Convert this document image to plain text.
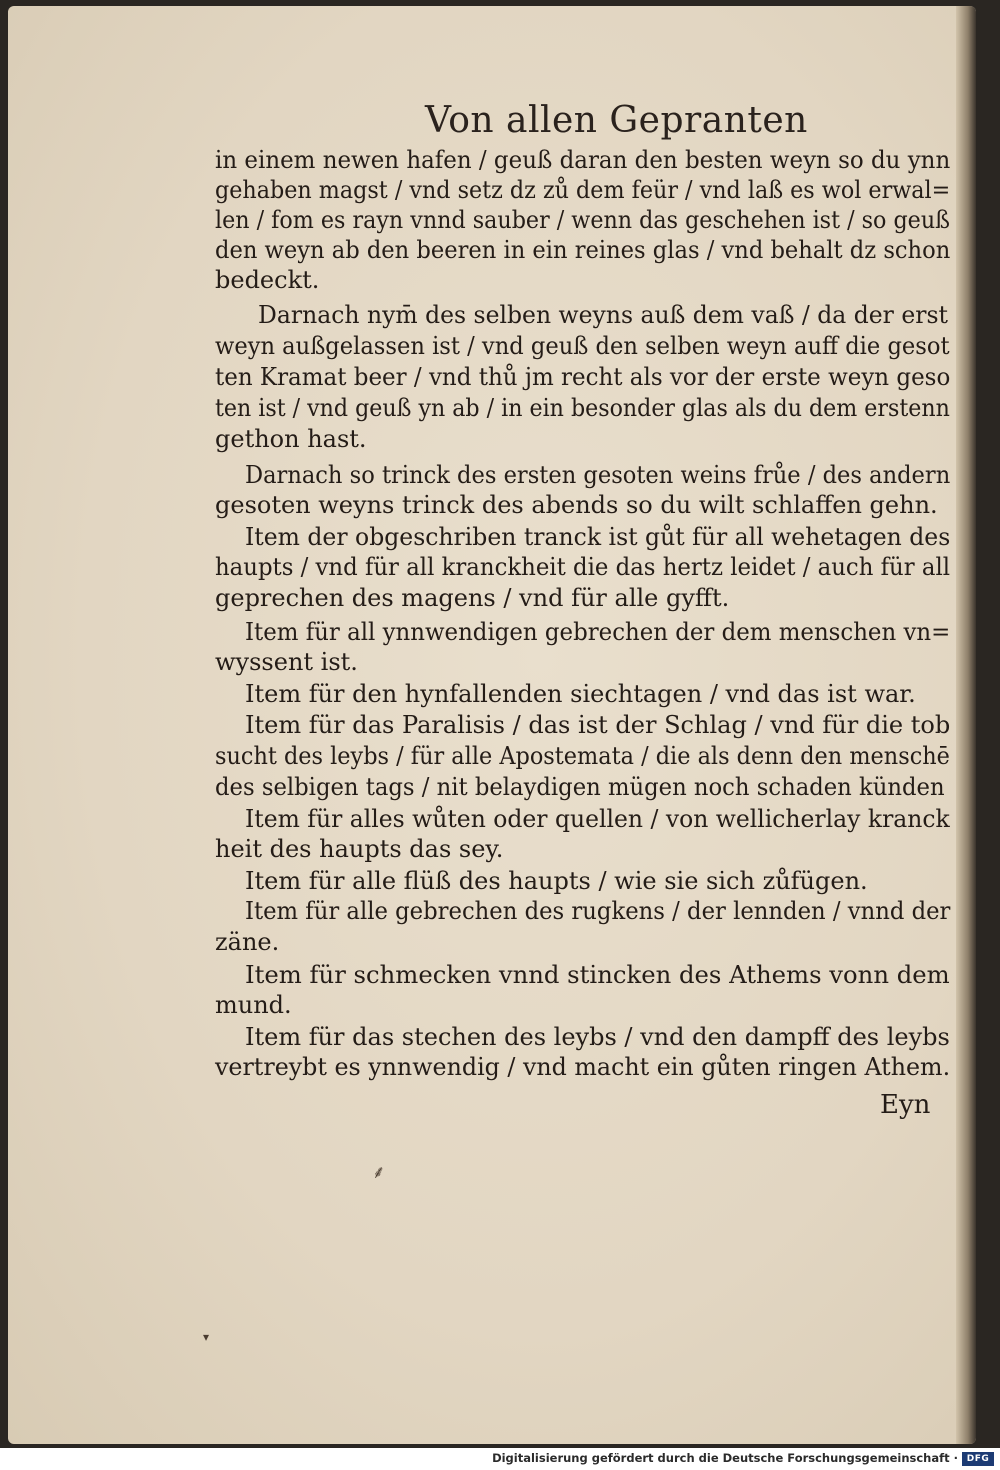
Von allen Gepranten
in einem newen hafen / geuß daran den besten weyn so du ynn
gehaben magst / vnd setz dz zů dem feür / vnd laß es wol erwal=
len / fom es rayn vnnd sauber / wenn das geschehen ist / so geuß
den weyn ab den beeren in ein reines glas / vnd behalt dz schon
bedeckt.
Darnach nym̄ des selben weyns auß dem vaß / da der erst
weyn außgelassen ist / vnd geuß den selben weyn auff die gesot
ten Kramat beer / vnd thů jm recht als vor der erste weyn geso
ten ist / vnd geuß yn ab / in ein besonder glas als du dem erstenn
gethon hast.
Darnach so trinck des ersten gesoten weins frůe / des andern
gesoten weyns trinck des abends so du wilt schlaffen gehn.
Item der obgeschriben tranck ist gůt für all wehetagen des
haupts / vnd für all kranckheit die das hertz leidet / auch für all
geprechen des magens / vnd für alle gyfft.
Item für all ynnwendigen gebrechen der dem menschen vn=
wyssent ist.
Item für den hynfallenden siechtagen / vnd das ist war.
Item für das Paralisis / das ist der Schlag / vnd für die tob
sucht des leybs / für alle Apostemata / die als denn den menschē
des selbigen tags / nit belaydigen mügen noch schaden künden
Item für alles wůten oder quellen / von wellicherlay kranck
heit des haupts das sey.
Item für alle flüß des haupts / wie sie sich zůfügen.
Item für alle gebrechen des rugkens / der lennden / vnnd der
zäne.
Item für schmecken vnnd stincken des Athems vonn dem
mund.
Item für das stechen des leybs / vnd den dampff des leybs
vertreybt es ynnwendig / vnd macht ein gůten ringen Athem.
Eyn
⸙
▾
Digitalisierung gefördert durch die Deutsche Forschungsgemeinschaft · DFG
